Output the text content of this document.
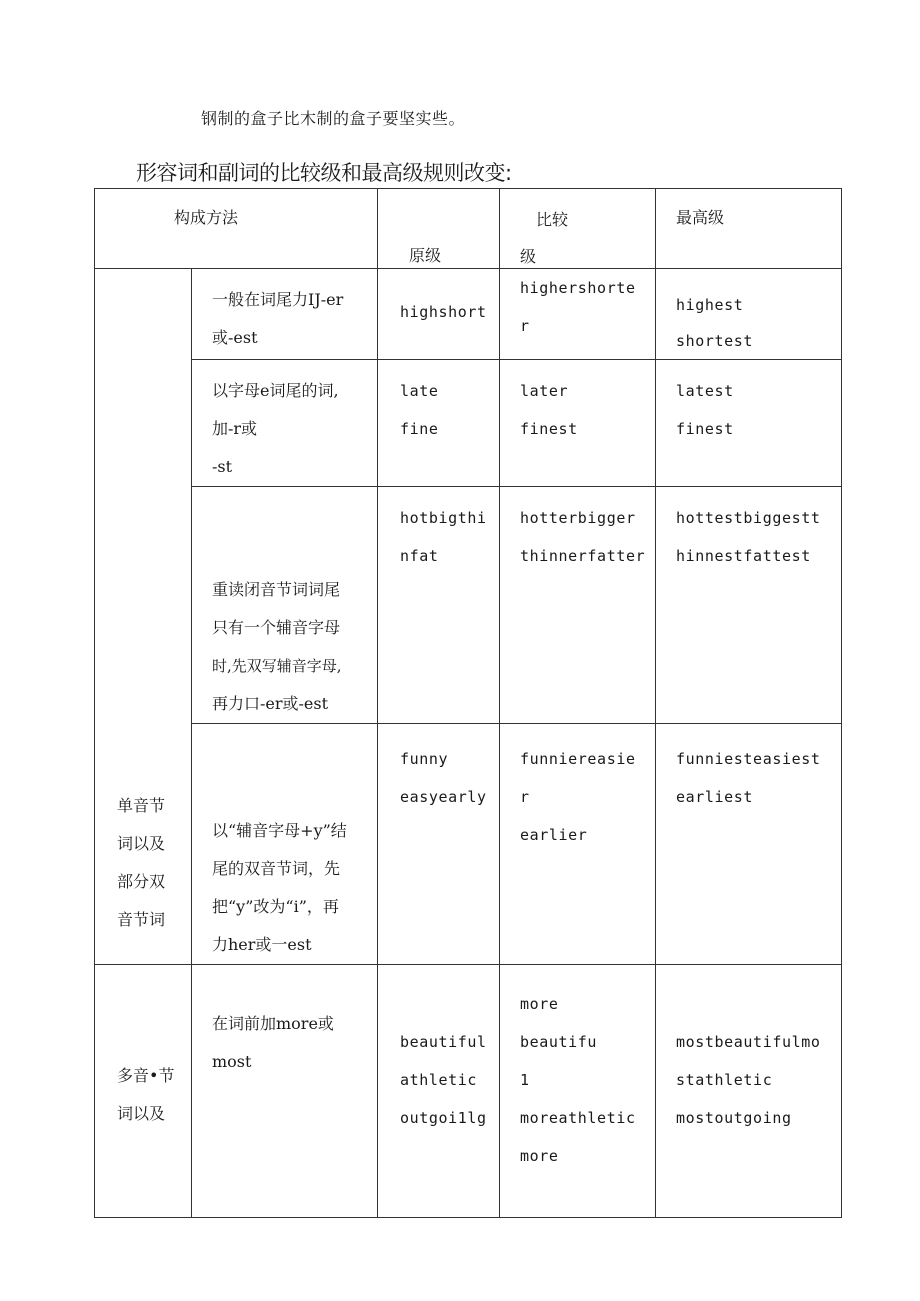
钢制的盒子比木制的盒子要坚实些。
形容词和副词的比较级和最高级规则改变:
构成方法		原级	比较
级	最高级

单音节
词以及
部分双
音节词	一般在词尾力IJ-er
或-est	highshort	highershorte
r	highest
shortest

	以字母e词尾的词,
加-r或
-st	late
fine	later
finest	latest
finest

	重读闭音节词词尾
只有一个辅音字母
时,先双写辅音字母,
再力口-er或-est	hotbigthi
nfat	hotterbigger
thinnerfatter	hottestbiggestt
hinnestfattest

	以“辅音字母+y”结
尾的双音节词，先
把“y”改为“i”，再
力her或一est	funny
easyearly	funniereasie
r
earlier	funniesteasiest
earliest

多音•节
词以及	在词前加more或
most	beautiful
athletic
outgoi1lg	more
beautifu
1
moreathletic
more	mostbeautifulmo
stathletic
mostoutgoing
